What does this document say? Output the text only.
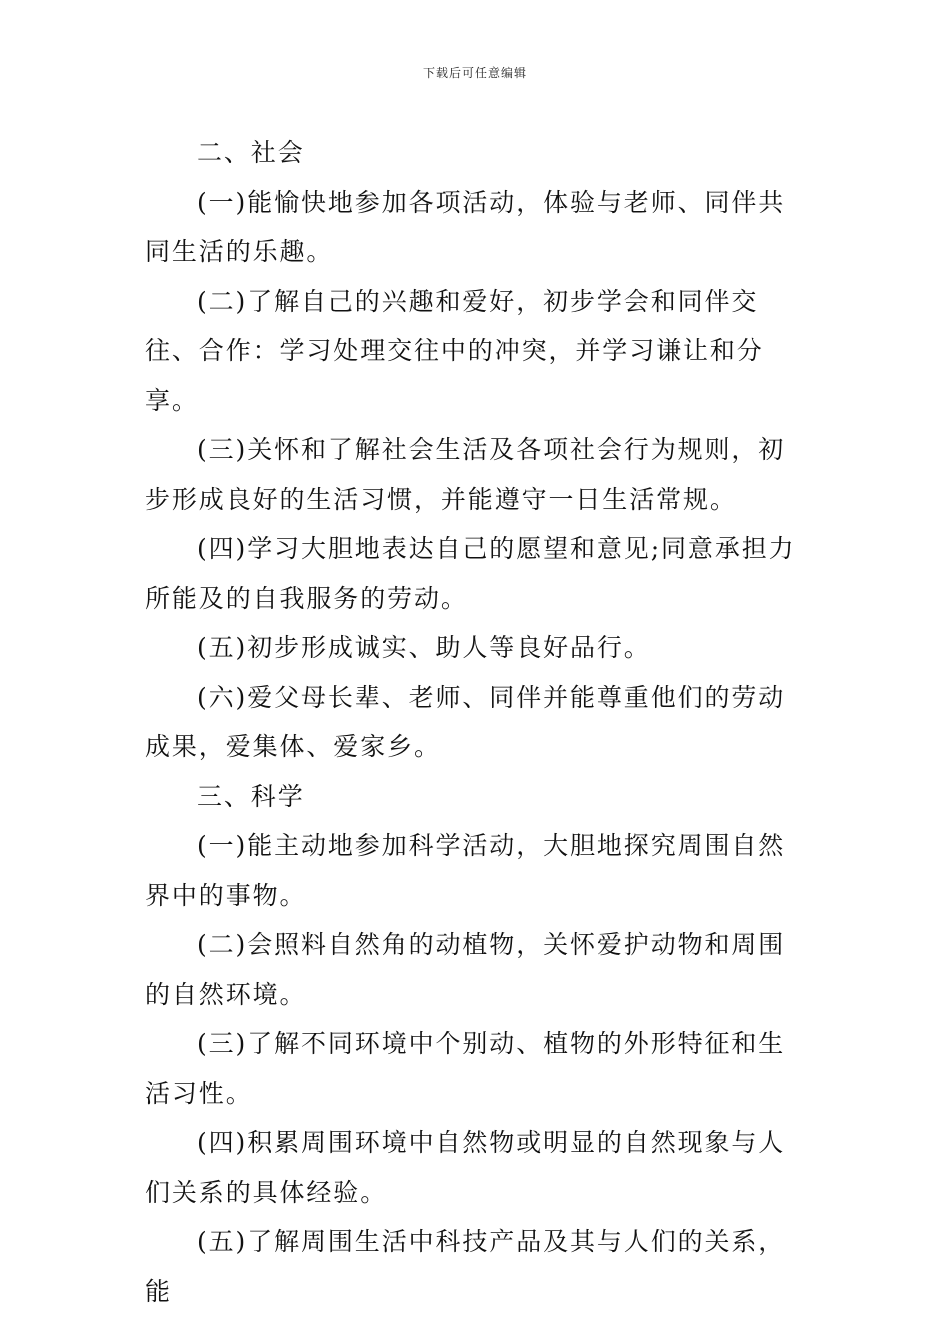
下载后可任意编辑

二、社会

(一)能愉快地参加各项活动，体验与老师、同伴共同生活的乐趣。

(二)了解自己的兴趣和爱好，初步学会和同伴交往、合作：学习处理交往中的冲突，并学习谦让和分享。

(三)关怀和了解社会生活及各项社会行为规则，初步形成良好的生活习惯，并能遵守一日生活常规。

(四)学习大胆地表达自己的愿望和意见;同意承担力所能及的自我服务的劳动。

(五)初步形成诚实、助人等良好品行。

(六)爱父母长辈、老师、同伴并能尊重他们的劳动成果，爱集体、爱家乡。

三、科学

(一)能主动地参加科学活动，大胆地探究周围自然界中的事物。

(二)会照料自然角的动植物，关怀爱护动物和周围的自然环境。

(三)了解不同环境中个别动、植物的外形特征和生活习性。

(四)积累周围环境中自然物或明显的自然现象与人们关系的具体经验。

(五)了解周围生活中科技产品及其与人们的关系，能
